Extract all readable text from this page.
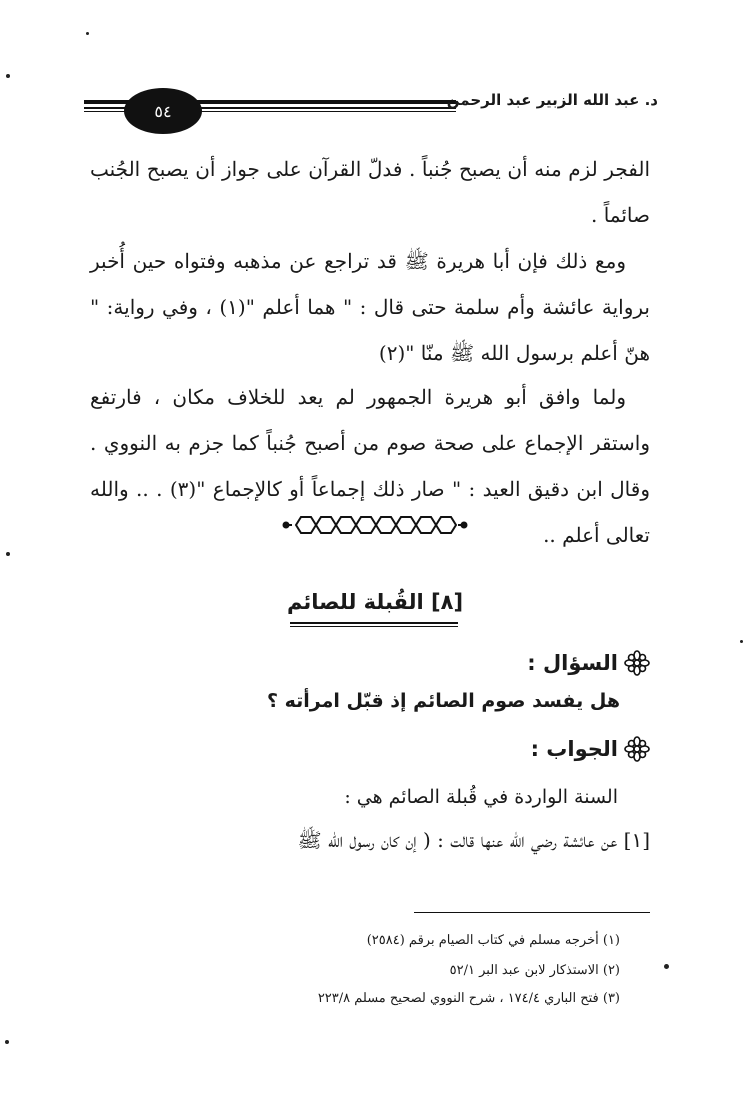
٥٤
د. عبد الله الزبير عبد الرحمن
الفجر لزم منه أن يصبح جُنباً . فدلّ القرآن على جواز أن يصبح الجُنب صائماً .
ومع ذلك فإن أبا هريرة ﷺ قد تراجع عن مذهبه وفتواه حين أُخبر برواية عائشة وأم سلمة حتى قال : " هما أعلم "(١) ، وفي رواية: " هنّ أعلم برسول الله ﷺ منّا "(٢)
ولما وافق أبو هريرة الجمهور لم يعد للخلاف مكان ، فارتفع واستقر الإجماع على صحة صوم من أصبح جُنباً كما جزم به النووي . وقال ابن دقيق العيد : " صار ذلك إجماعاً أو كالإجماع "(٣) . .. والله تعالى أعلم ..
[٨] القُبلة للصائم
السؤال :
هل يفسد صوم الصائم إذ قبّل امرأته ؟
الجواب :
السنة الواردة في قُبلة الصائم هي :
[١] عن عائشة رضي الله عنها قالت : ( إن كان رسول الله ﷺ
(١) أخرجه مسلم في كتاب الصيام برقم (٢٥٨٤)
(٢) الاستذكار لابن عبد البر ٥٢/١
(٣) فتح الباري ١٧٤/٤ ، شرح النووي لصحيح مسلم ٢٢٣/٨
